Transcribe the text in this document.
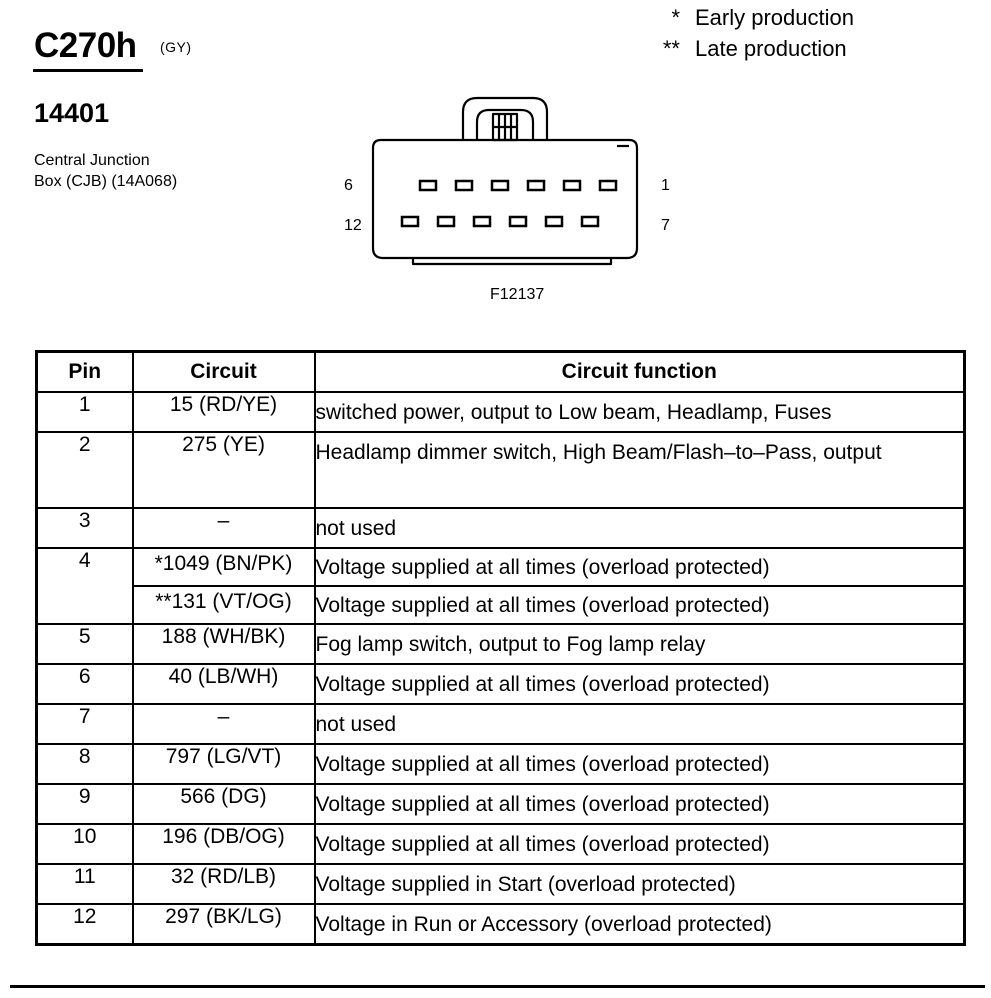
C270h (GY)
14401
Central Junction
Box (CJB) (14A068)
* Early production
** Late production
6	1
12	7
F12137
Pin	Circuit	Circuit function
1	15 (RD/YE)	switched power, output to Low beam, Headlamp, Fuses
2	275 (YE)	Headlamp dimmer switch, High Beam/Flash–to–Pass, output
3	–	not used
4	*1049 (BN/PK)	Voltage supplied at all times (overload protected)
	**131 (VT/OG)	Voltage supplied at all times (overload protected)
5	188 (WH/BK)	Fog lamp switch, output to Fog lamp relay
6	40 (LB/WH)	Voltage supplied at all times (overload protected)
7	–	not used
8	797 (LG/VT)	Voltage supplied at all times (overload protected)
9	566 (DG)	Voltage supplied at all times (overload protected)
10	196 (DB/OG)	Voltage supplied at all times (overload protected)
11	32 (RD/LB)	Voltage supplied in Start (overload protected)
12	297 (BK/LG)	Voltage in Run or Accessory (overload protected)
